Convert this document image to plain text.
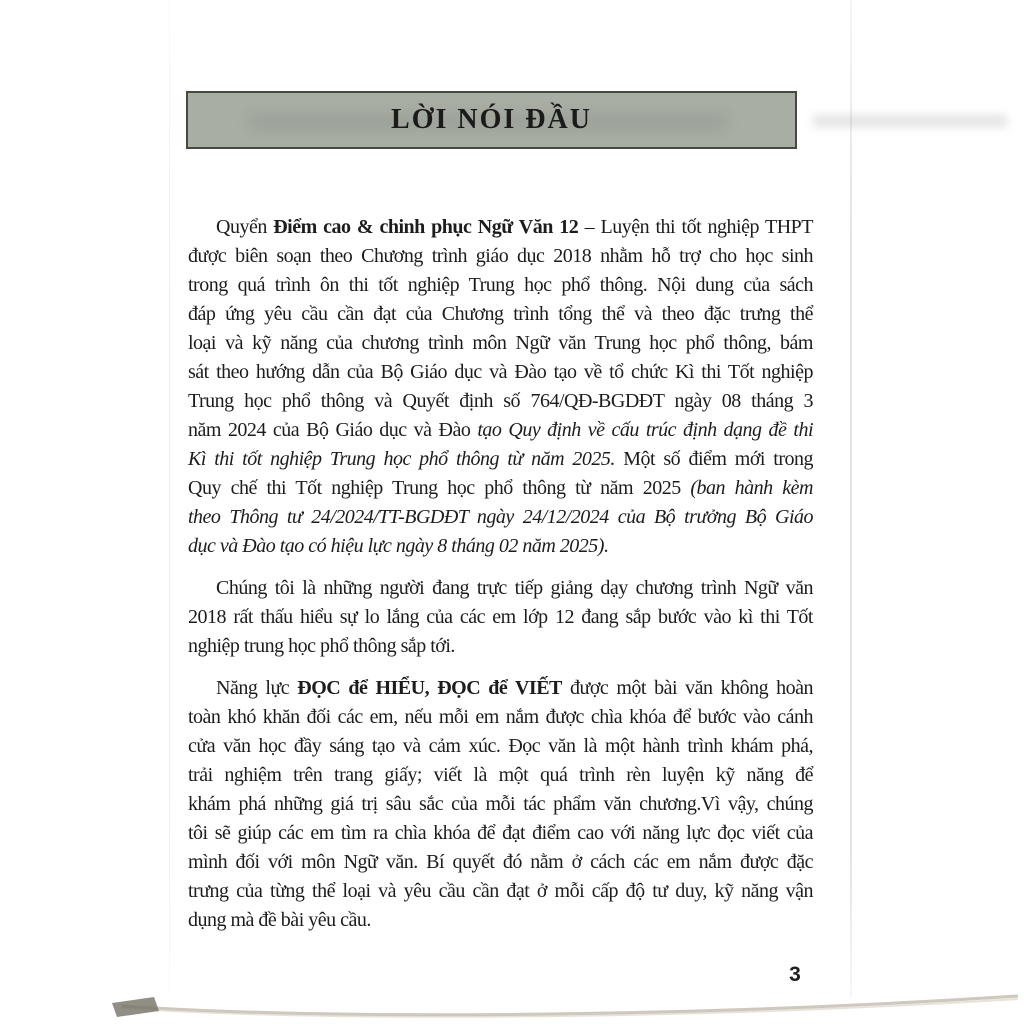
LỜI NÓI ĐẦU
Quyển Điểm cao & chinh phục Ngữ Văn 12 – Luyện thi tốt nghiệp THPT
được biên soạn theo Chương trình giáo dục 2018 nhằm hỗ trợ cho học sinh
trong quá trình ôn thi tốt nghiệp Trung học phổ thông. Nội dung của sách
đáp ứng yêu cầu cần đạt của Chương trình tổng thể và theo đặc trưng thể
loại và kỹ năng của chương trình môn Ngữ văn Trung học phổ thông, bám
sát theo hướng dẫn của Bộ Giáo dục và Đào tạo về tổ chức Kì thi Tốt nghiệp
Trung học phổ thông và Quyết định số 764/QĐ-BGDĐT ngày 08 tháng 3
năm 2024 của Bộ Giáo dục và Đào tạo Quy định về cấu trúc định dạng đề thi
Kì thi tốt nghiệp Trung học phổ thông từ năm 2025. Một số điểm mới trong
Quy chế thi Tốt nghiệp Trung học phổ thông từ năm 2025 (ban hành kèm
theo Thông tư 24/2024/TT-BGDĐT ngày 24/12/2024 của Bộ trưởng Bộ Giáo
dục và Đào tạo có hiệu lực ngày 8 tháng 02 năm 2025).
Chúng tôi là những người đang trực tiếp giảng dạy chương trình Ngữ văn
2018 rất thấu hiểu sự lo lắng của các em lớp 12 đang sắp bước vào kì thi Tốt
nghiệp trung học phổ thông sắp tới.
Năng lực ĐỌC để HIỂU, ĐỌC để VIẾT được một bài văn không hoàn
toàn khó khăn đối các em, nếu mỗi em nắm được chìa khóa để bước vào cánh
cửa văn học đầy sáng tạo và cảm xúc. Đọc văn là một hành trình khám phá,
trải nghiệm trên trang giấy; viết là một quá trình rèn luyện kỹ năng để
khám phá những giá trị sâu sắc của mỗi tác phẩm văn chương.Vì vậy, chúng
tôi sẽ giúp các em tìm ra chìa khóa để đạt điểm cao với năng lực đọc viết của
mình đối với môn Ngữ văn. Bí quyết đó nằm ở cách các em nắm được đặc
trưng của từng thể loại và yêu cầu cần đạt ở mỗi cấp độ tư duy, kỹ năng vận
dụng mà đề bài yêu cầu.
3
